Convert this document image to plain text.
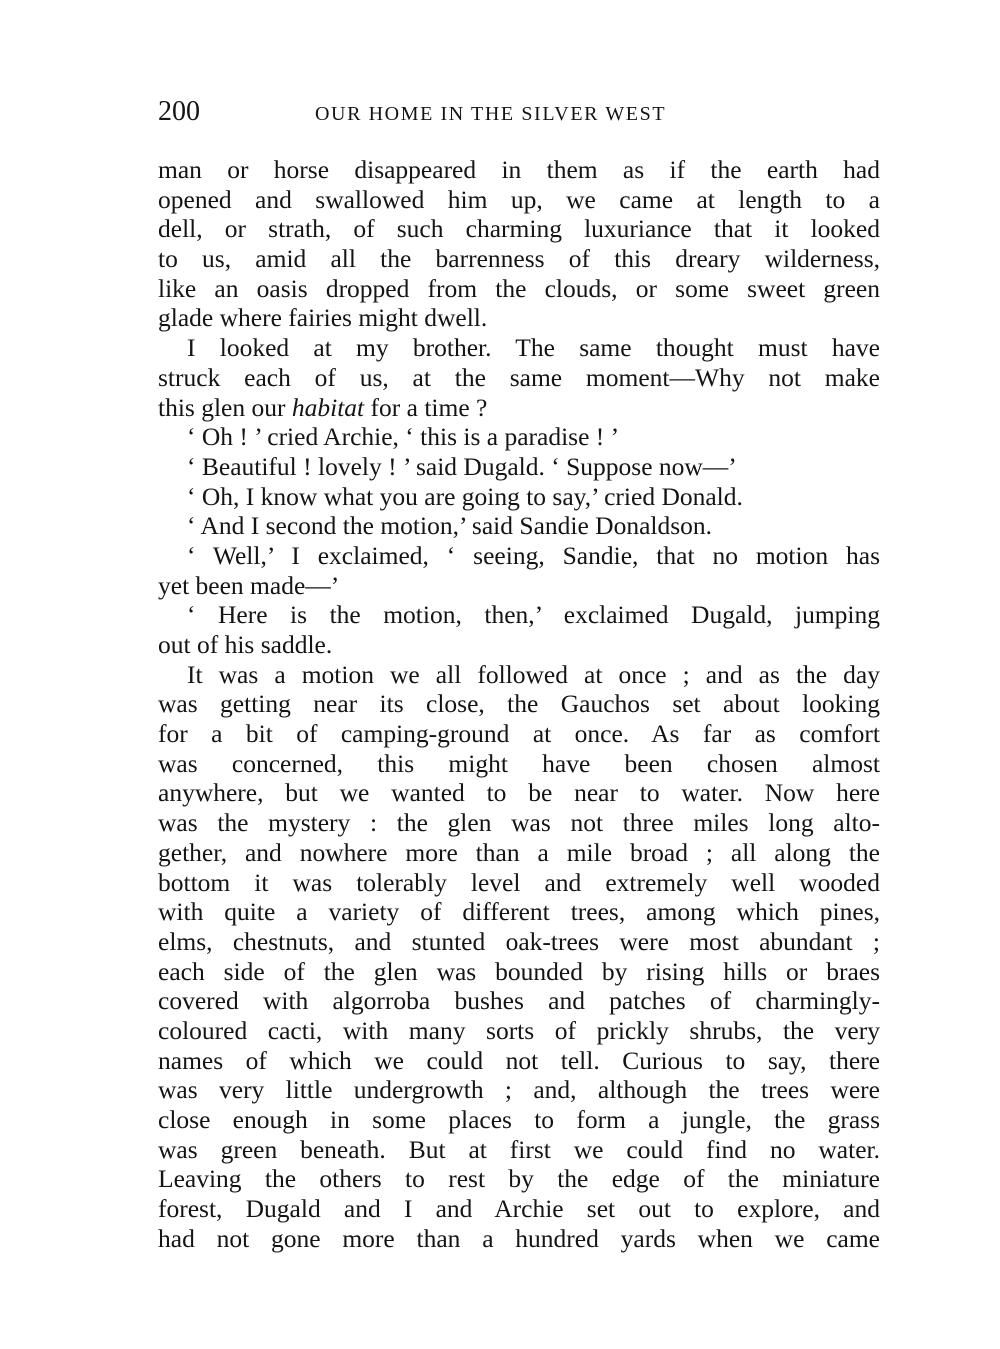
200	OUR HOME IN THE SILVER WEST
man or horse disappeared in them as if the earth had
opened and swallowed him up, we came at length to a
dell, or strath, of such charming luxuriance that it looked
to us, amid all the barrenness of this dreary wilderness,
like an oasis dropped from the clouds, or some sweet green
glade where fairies might dwell.
I looked at my brother. The same thought must have
struck each of us, at the same moment—Why not make
this glen our habitat for a time ?
‘ Oh ! ’ cried Archie, ‘ this is a paradise ! ’
‘ Beautiful ! lovely ! ’ said Dugald. ‘ Suppose now—’
‘ Oh, I know what you are going to say,’ cried Donald.
‘ And I second the motion,’ said Sandie Donaldson.
‘ Well,’ I exclaimed, ‘ seeing, Sandie, that no motion has
yet been made—’
‘ Here is the motion, then,’ exclaimed Dugald, jumping
out of his saddle.
It was a motion we all followed at once ; and as the day
was getting near its close, the Gauchos set about looking
for a bit of camping-ground at once. As far as comfort
was concerned, this might have been chosen almost
anywhere, but we wanted to be near to water. Now here
was the mystery : the glen was not three miles long alto-
gether, and nowhere more than a mile broad ; all along the
bottom it was tolerably level and extremely well wooded
with quite a variety of different trees, among which pines,
elms, chestnuts, and stunted oak-trees were most abundant ;
each side of the glen was bounded by rising hills or braes
covered with algorroba bushes and patches of charmingly-
coloured cacti, with many sorts of prickly shrubs, the very
names of which we could not tell. Curious to say, there
was very little undergrowth ; and, although the trees were
close enough in some places to form a jungle, the grass
was green beneath. But at first we could find no water.
Leaving the others to rest by the edge of the miniature
forest, Dugald and I and Archie set out to explore, and
had not gone more than a hundred yards when we came
